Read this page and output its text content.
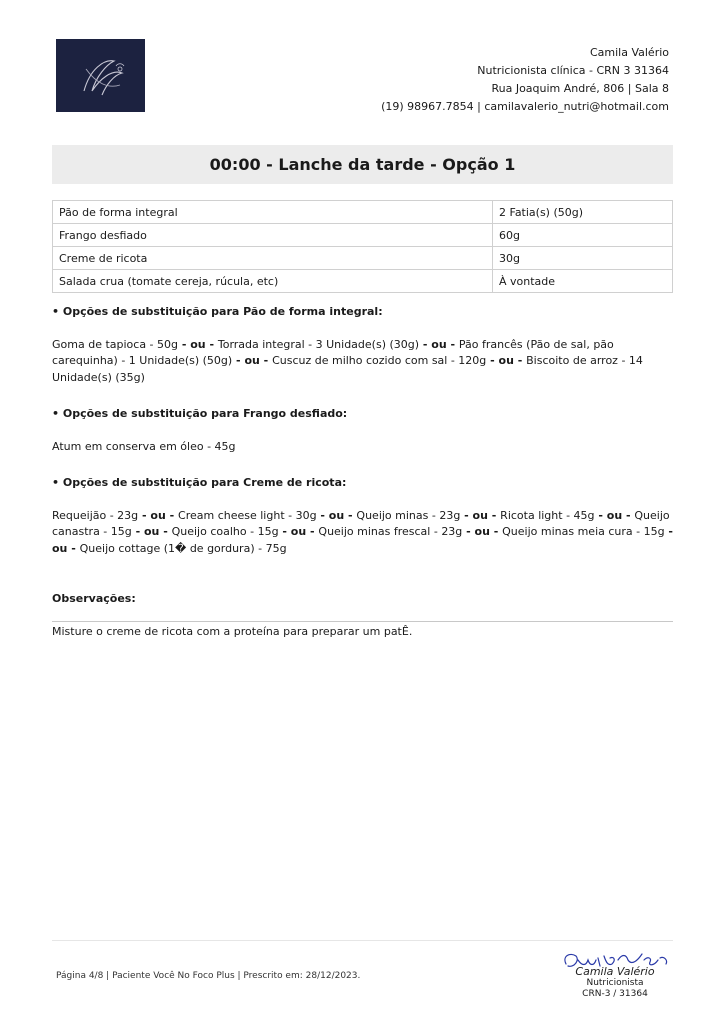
Camila Valério
Nutricionista clínica - CRN 3 31364
Rua Joaquim André, 806 | Sala 8
(19) 98967.7854 | camilavalerio_nutri@hotmail.com
00:00 - Lanche da tarde - Opção 1
Pão de forma integral	2 Fatia(s) (50g)
Frango desfiado	60g
Creme de ricota	30g
Salada crua (tomate cereja, rúcula, etc)	À vontade
• Opções de substituição para Pão de forma integral:
Goma de tapioca - 50g - ou - Torrada integral - 3 Unidade(s) (30g) - ou - Pão francês (Pão de sal, pão carequinha) - 1 Unidade(s) (50g) - ou - Cuscuz de milho cozido com sal - 120g - ou - Biscoito de arroz - 14 Unidade(s) (35g)
• Opções de substituição para Frango desfiado:
Atum em conserva em óleo - 45g
• Opções de substituição para Creme de ricota:
Requeijão - 23g - ou - Cream cheese light - 30g - ou - Queijo minas - 23g - ou - Ricota light - 45g - ou - Queijo canastra - 15g - ou - Queijo coalho - 15g - ou - Queijo minas frescal - 23g - ou - Queijo minas meia cura - 15g - ou - Queijo cottage (1� de gordura) - 75g
Observações:
Misture o creme de ricota com a proteína para preparar um patÊ.
Página 4/8 | Paciente Você No Foco Plus | Prescrito em: 28/12/2023.	Camila Valério
Nutricionista
CRN-3 / 31364
